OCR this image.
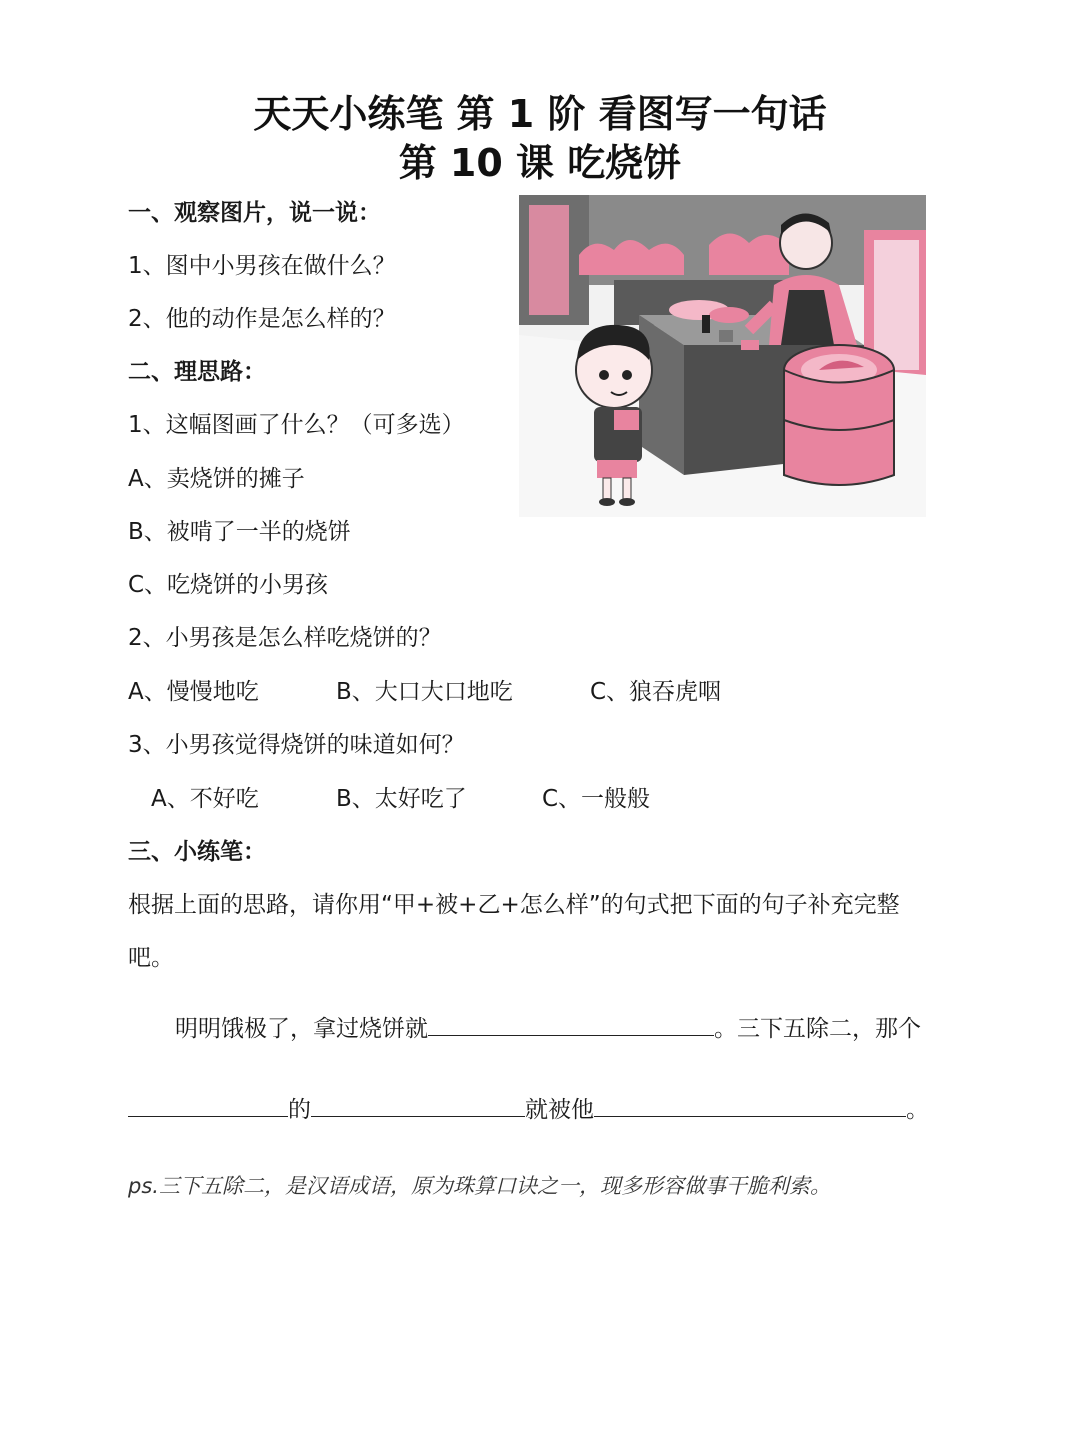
天天小练笔 第 1 阶 看图写一句话
第 10 课 吃烧饼
一、观察图片，说一说：
1、图中小男孩在做什么？
2、他的动作是怎么样的？
二、理思路：
1、这幅图画了什么？（可多选）
A、卖烧饼的摊子
B、被啃了一半的烧饼
C、吃烧饼的小男孩
2、小男孩是怎么样吃烧饼的？
A、慢慢地吃	B、大口大口地吃	C、狼吞虎咽
3、小男孩觉得烧饼的味道如何？
A、不好吃	B、太好吃了	C、一般般
三、小练笔：
根据上面的思路，请你用“甲+被+乙+怎么样”的句式把下面的句子补充完整
吧。
明明饿极了，拿过烧饼就	。三下五除二，那个
的	就被他	。
ps.三下五除二，是汉语成语，原为珠算口诀之一，现多形容做事干脆利索。
